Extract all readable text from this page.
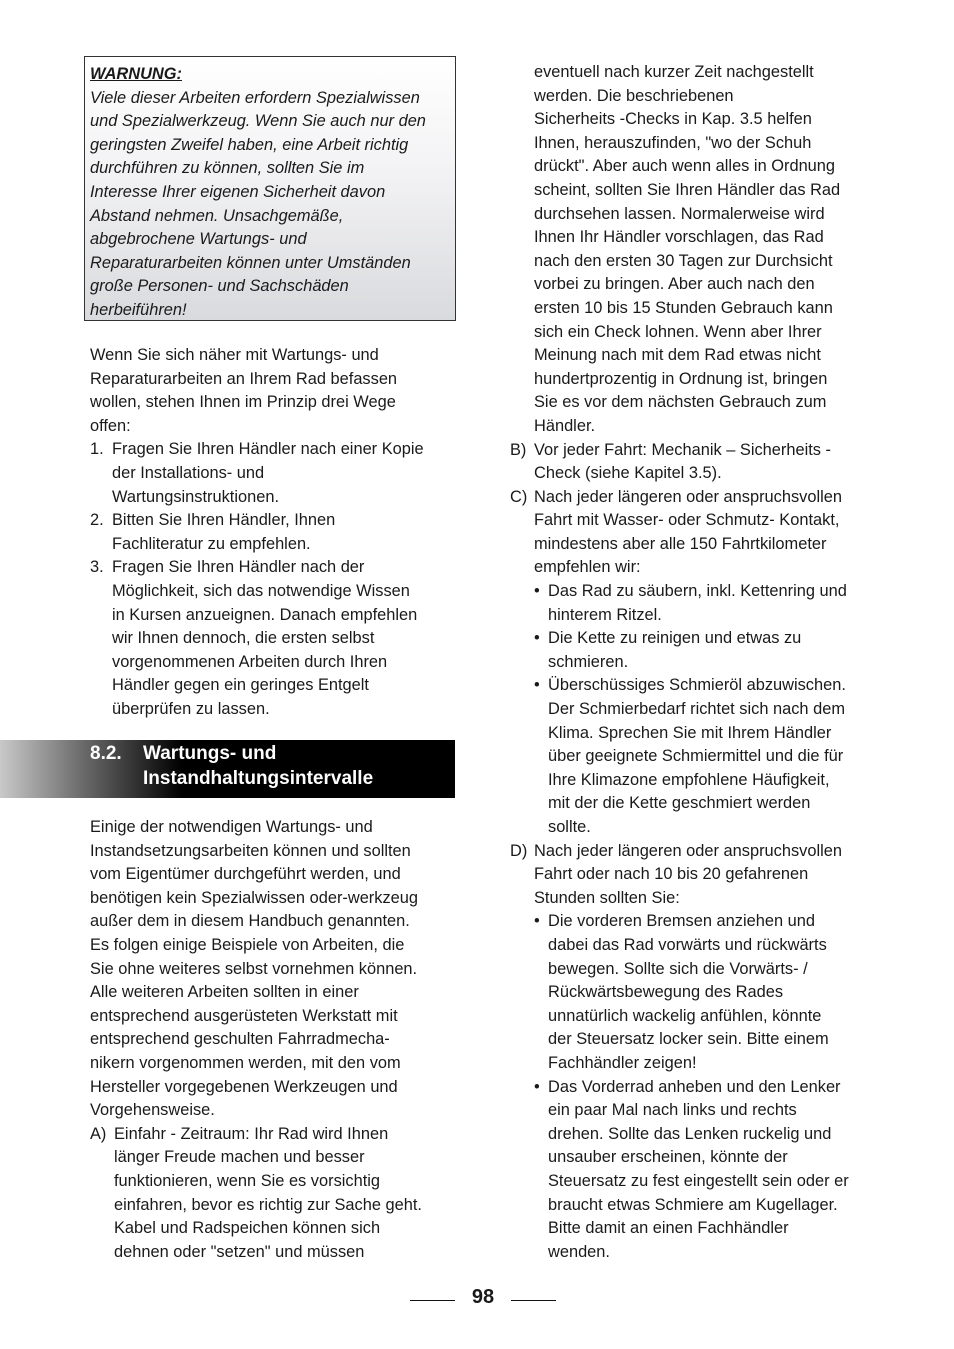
WARNUNG:

Viele dieser Arbeiten erfordern Spezialwissen

und Spezialwerkzeug. Wenn Sie auch nur den

geringsten Zweifel haben, eine Arbeit richtig

durchführen zu können, sollten Sie im

Interesse Ihrer eigenen Sicherheit davon

Abstand nehmen. Unsachgemäße,

abgebrochene Wartungs- und

Reparaturarbeiten können unter Umständen

große Personen- und Sachschäden

herbeiführen!

Wenn Sie sich näher mit Wartungs- und

Reparaturarbeiten an Ihrem Rad befassen

wollen, stehen Ihnen im Prinzip drei Wege

offen:

1. Fragen Sie Ihren Händler nach einer Kopie

der Installations- und

Wartungsinstruktionen.

2. Bitten Sie Ihren Händler, Ihnen

Fachliteratur zu empfehlen.

3. Fragen Sie Ihren Händler nach der

Möglichkeit, sich das notwendige Wissen

in Kursen anzueignen. Danach empfehlen

wir Ihnen dennoch, die ersten selbst

vorgenommenen Arbeiten durch Ihren

Händler gegen ein geringes Entgelt

überprüfen zu lassen.

8.2. Wartungs- und
Instandhaltungsintervalle

Einige der notwendigen Wartungs- und

Instandsetzungsarbeiten können und sollten

vom Eigentümer durchgeführt werden, und

benötigen kein Spezialwissen oder-werkzeug

außer dem in diesem Handbuch genannten.

Es folgen einige Beispiele von Arbeiten, die

Sie ohne weiteres selbst vornehmen können.

Alle weiteren Arbeiten sollten in einer

entsprechend ausgerüsteten Werkstatt mit

entsprechend geschulten Fahrradmecha-

nikern vorgenommen werden, mit den vom

Hersteller vorgegebenen Werkzeugen und

Vorgehensweise.

A) Einfahr - Zeitraum: Ihr Rad wird Ihnen

länger Freude machen und besser

funktionieren, wenn Sie es vorsichtig

einfahren, bevor es richtig zur Sache geht.

Kabel und Radspeichen können sich

dehnen oder "setzen" und müssen

eventuell nach kurzer Zeit nachgestellt

werden. Die beschriebenen

Sicherheits -Checks in Kap. 3.5 helfen

Ihnen, herauszufinden, "wo der Schuh

drückt". Aber auch wenn alles in Ordnung

scheint, sollten Sie Ihren Händler das Rad

durchsehen lassen. Normalerweise wird

Ihnen Ihr Händler vorschlagen, das Rad

nach den ersten 30 Tagen zur Durchsicht

vorbei zu bringen. Aber auch nach den

ersten 10 bis 15 Stunden Gebrauch kann

sich ein Check lohnen. Wenn aber Ihrer

Meinung nach mit dem Rad etwas nicht

hundertprozentig in Ordnung ist, bringen

Sie es vor dem nächsten Gebrauch zum

Händler.

B) Vor jeder Fahrt: Mechanik – Sicherheits -

Check (siehe Kapitel 3.5).

C) Nach jeder längeren oder anspruchsvollen

Fahrt mit Wasser- oder Schmutz- Kontakt,

mindestens aber alle 150 Fahrtkilometer

empfehlen wir:

• Das Rad zu säubern, inkl. Kettenring und

hinterem Ritzel.

• Die Kette zu reinigen und etwas zu

schmieren.

• Überschüssiges Schmieröl abzuwischen.

Der Schmierbedarf richtet sich nach dem

Klima. Sprechen Sie mit Ihrem Händler

über geeignete Schmiermittel und die für

Ihre Klimazone empfohlene Häufigkeit,

mit der die Kette geschmiert werden

sollte.

D) Nach jeder längeren oder anspruchsvollen

Fahrt oder nach 10 bis 20 gefahrenen

Stunden sollten Sie:

• Die vorderen Bremsen anziehen und

dabei das Rad vorwärts und rückwärts

bewegen. Sollte sich die Vorwärts- /

Rückwärtsbewegung des Rades

unnatürlich wackelig anfühlen, könnte

der Steuersatz locker sein. Bitte einem

Fachhändler zeigen!

• Das Vorderrad anheben und den Lenker

ein paar Mal nach links und rechts

drehen. Sollte das Lenken ruckelig und

unsauber erscheinen, könnte der

Steuersatz zu fest eingestellt sein oder er

braucht etwas Schmiere am Kugellager.

Bitte damit an einen Fachhändler

wenden.

98
